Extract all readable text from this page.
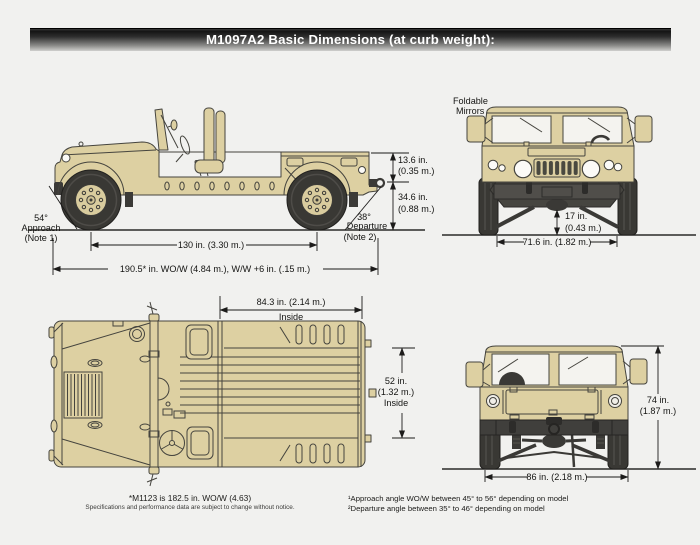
M1097A2 Basic Dimensions (at curb weight):
13.6 in.
(0.35 m.)
34.6 in.
(0.88 m.)
54°
Approach
(Note 1)
38°
Departure
(Note 2)
130 in. (3.30 m.)
190.5* in. WO/W (4.84 m.), W/W +6 in. (.15 m.)
Foldable
Mirrors
17 in.
(0.43 m.)
71.6 in. (1.82 m.)
84.3 in. (2.14 m.)
Inside
52 in.
(1.32 m.)
Inside	74 in.
(1.87 m.)
86 in. (2.18 m.)
*M1123 is 182.5 in. WO/W (4.63)
Specifications and performance data are subject to change without notice.
¹Approach angle WO/W between 45° to 56° depending on model
²Departure angle between 35° to 46° depending on model
